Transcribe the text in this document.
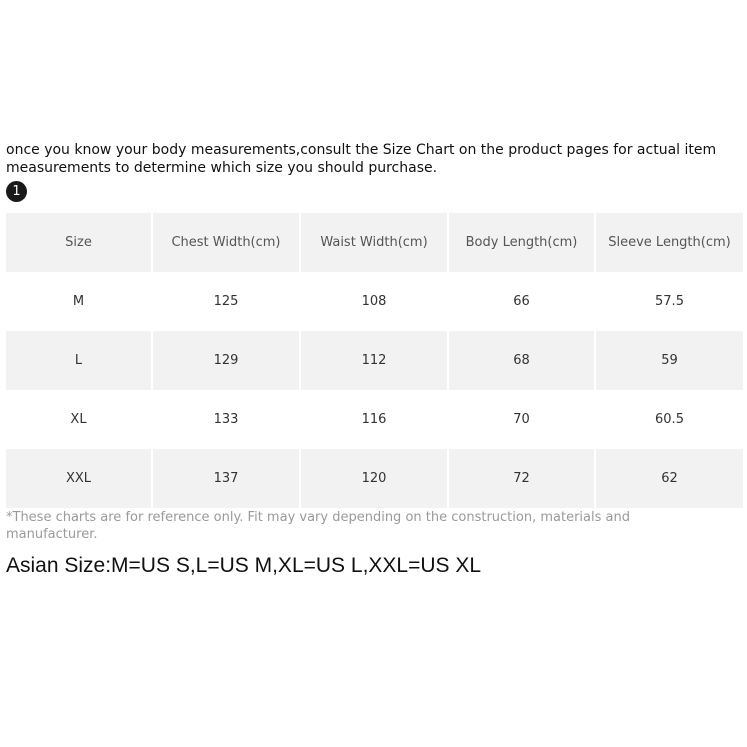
once you know your body measurements,consult the Size Chart on the product pages for actual item measurements to determine which size you should purchase.

1
Size	Chest Width(cm)	Waist Width(cm)	Body Length(cm)	Sleeve Length(cm)
M	125	108	66	57.5
L	129	112	68	59
XL	133	116	70	60.5
XXL	137	120	72	62

*These charts are for reference only. Fit may vary depending on the construction, materials and manufacturer.

Asian Size:M=US S,L=US M,XL=US L,XXL=US XL
